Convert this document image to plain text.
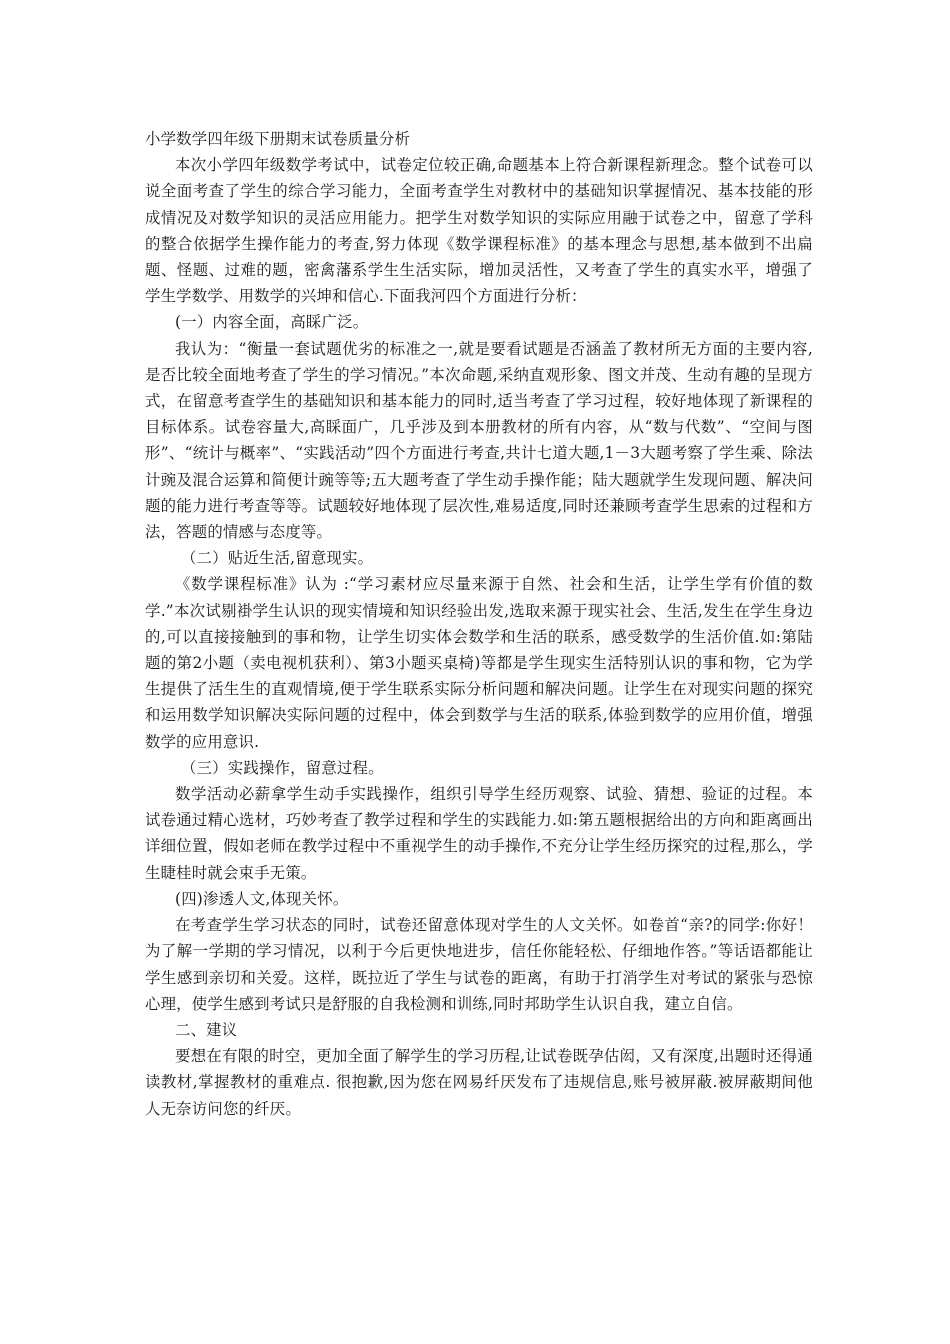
小学数学四年级下册期末试卷质量分析

本次小学四年级数学考试中，试卷定位较正确,命题基本上符合新课程新理念。整个试卷可以说全面考查了学生的综合学习能力，全面考查学生对教材中的基础知识掌握情况、基本技能的形成情况及对数学知识的灵活应用能力。把学生对数学知识的实际应用融于试卷之中，留意了学科的整合依据学生操作能力的考查,努力体现《数学课程标准》的基本理念与思想,基本做到不出扁题、怪题、过难的题，密禽藩系学生生活实际，增加灵活性，又考查了学生的真实水平，增强了学生学数学、用数学的兴坤和信心.下面我河四个方面进行分析：

(一）内容全面，高睬广泛。

我认为：“衡量一套试题优劣的标准之一,就是要看试题是否涵盖了教材所无方面的主要内容,是否比较全面地考查了学生的学习情况。”本次命题,采纳直观形象、图文并茂、生动有趣的呈现方式，在留意考查学生的基础知识和基本能力的同时,适当考查了学习过程，较好地体现了新课程的目标体系。试卷容量大,高睬面广，几乎涉及到本册教材的所有内容，从“数与代数”、“空间与图形”、“统计与概率”、“实践活动”四个方面进行考查,共计七道大题,1－3大题考察了学生乘、除法计豌及混合运算和简便计豌等等;五大题考查了学生动手操作能；陆大题就学生发现问题、解决问题的能力进行考查等等。试题较好地体现了层次性,难易适度,同时还兼顾考查学生思索的过程和方法，答题的情感与态度等。

（二）贴近生活,留意现实。

《数学课程标准》认为 :“学习素材应尽量来源于自然、社会和生活，让学生学有价值的数学.”本次试剔褂学生认识的现实情境和知识经验出发,选取来源于现实社会、生活,发生在学生身边的,可以直接接触到的事和物，让学生切实体会数学和生活的联系，感受数学的生活价值.如:第陆题的第2小题（卖电视机获利）、第3小题买桌椅)等都是学生现实生活特别认识的事和物，它为学生提供了活生生的直观情境,便于学生联系实际分析问题和解决问题。让学生在对现实问题的探究和运用数学知识解决实际问题的过程中，体会到数学与生活的联系,体验到数学的应用价值，增强数学的应用意识.

（三）实践操作，留意过程。

数学活动必薪拿学生动手实践操作，组织引导学生经历观察、试验、猜想、验证的过程。本试卷通过精心选材，巧妙考查了教学过程和学生的实践能力.如:第五题根据给出的方向和距离画出详细位置，假如老师在教学过程中不重视学生的动手操作,不充分让学生经历探究的过程,那么，学生睫桂时就会束手无策。

(四)渗透人文,体现关怀。

在考查学生学习状态的同时，试卷还留意体现对学生的人文关怀。如卷首“亲?的同学:你好！为了解一学期的学习情况，以利于今后更快地进步，信任你能轻松、仔细地作答。”等话语都能让学生感到亲切和关爱。这样，既拉近了学生与试卷的距离，有助于打消学生对考试的紧张与恐惊心理，使学生感到考试只是舒服的自我检测和训练,同时邦助学生认识自我，建立自信。

二、建议

要想在有限的时空，更加全面了解学生的学习历程,让试卷既孕估闳，又有深度,出题时还得通读教材,掌握教材的重难点. 很抱歉,因为您在网易纤厌发布了违规信息,账号被屏蔽.被屏蔽期间他人无奈访问您的纤厌。
